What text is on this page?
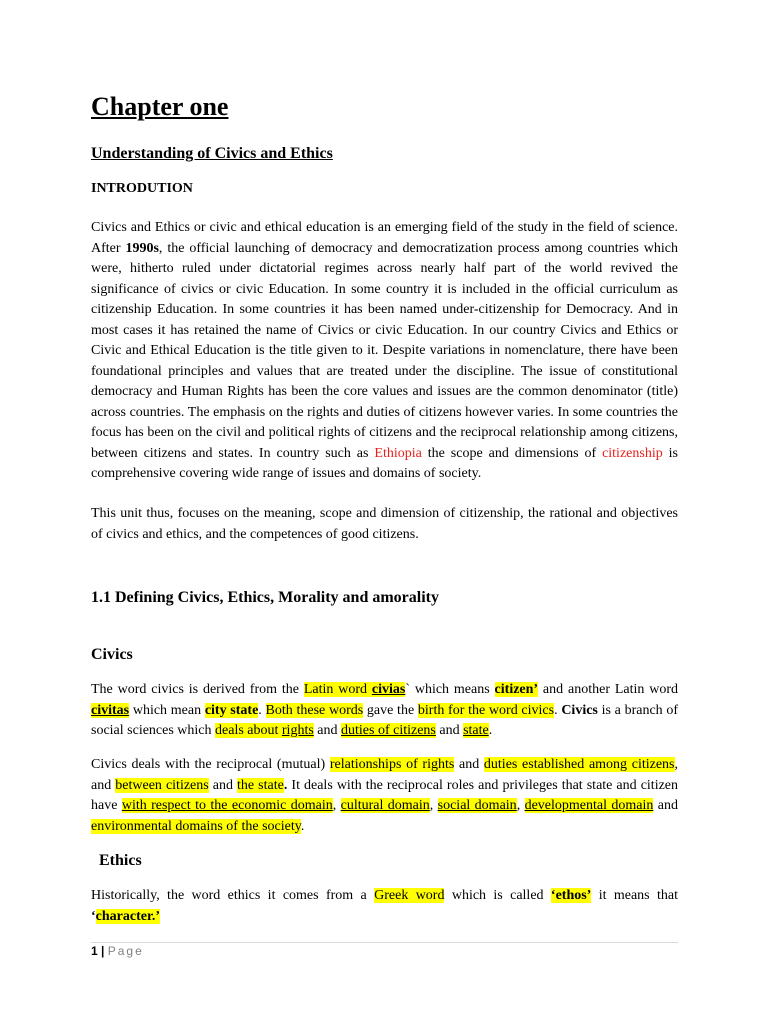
Chapter one
Understanding of Civics and Ethics
INTRODUTION

Civics and Ethics or civic and ethical education is an emerging field of the study in the field of science. After 1990s, the official launching of democracy and democratization process among countries which were, hitherto ruled under dictatorial regimes across nearly half part of the world revived the significance of civics or civic Education. In some country it is included in the official curriculum as citizenship Education. In some countries it has been named under-citizenship for Democracy. And in most cases it has retained the name of Civics or civic Education. In our country Civics and Ethics or Civic and Ethical Education is the title given to it. Despite variations in nomenclature, there have been foundational principles and values that are treated under the discipline. The issue of constitutional democracy and Human Rights has been the core values and issues are the common denominator (title) across countries. The emphasis on the rights and duties of citizens however varies. In some countries the focus has been on the civil and political rights of citizens and the reciprocal relationship among citizens, between citizens and states. In country such as Ethiopia the scope and dimensions of citizenship is comprehensive covering wide range of issues and domains of society.

This unit thus, focuses on the meaning, scope and dimension of citizenship, the rational and objectives of civics and ethics, and the competences of good citizens.

1.1 Defining Civics, Ethics, Morality and amorality
Civics

The word civics is derived from the Latin word civias` which means citizen’ and another Latin word civitas which mean city state. Both these words gave the birth for the word civics. Civics is a branch of social sciences which deals about rights and duties of citizens and state.

Civics deals with the reciprocal (mutual) relationships of rights and duties established among citizens, and between citizens and the state. It deals with the reciprocal roles and privileges that state and citizen have with respect to the economic domain, cultural domain, social domain, developmental domain and environmental domains of the society.

Ethics

Historically, the word ethics it comes from a Greek word which is called ‘ethos’ it means that ‘character.’

1 | Page
